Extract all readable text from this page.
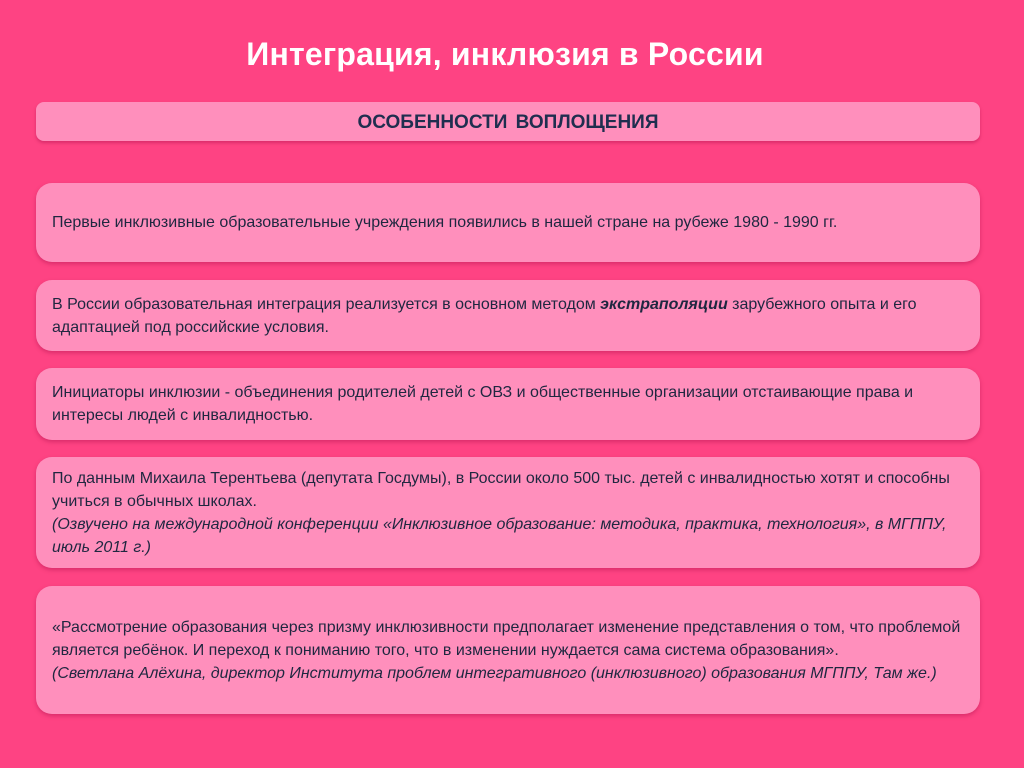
Интеграция, инклюзия в России
ОСОБЕННОСТИ ВОПЛОЩЕНИЯ

Первые инклюзивные образовательные учреждения появились в нашей стране на рубеже 1980 - 1990 гг.

В России образовательная интеграция реализуется в основном методом экстраполяции зарубежного опыта и его адаптацией под российские условия.

Инициаторы инклюзии - объединения родителей детей с ОВЗ и общественные организации отстаивающие права и интересы людей с инвалидностью.

По данным Михаила Терентьева (депутата Госдумы), в России около 500 тыс. детей с инвалидностью хотят и способны учиться в обычных школах.

(Озвучено на международной конференции «Инклюзивное образование: методика, практика, технология», в МГППУ, июль 2011 г.)

«Рассмотрение образования через призму инклюзивности предполагает изменение представления о том, что проблемой является ребёнок. И переход к пониманию того, что в изменении нуждается сама система образования».

(Светлана Алёхина, директор Института проблем интегративного (инклюзивного) образования МГППУ, Там же.)
